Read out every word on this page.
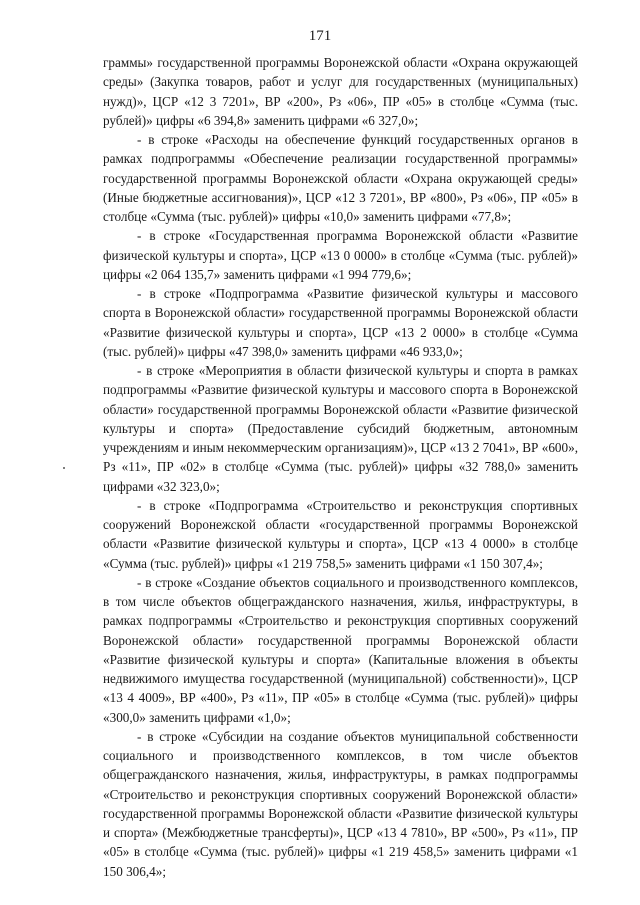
171

граммы» государственной программы Воронежской области «Охрана окружающей среды» (Закупка товаров, работ и услуг для государственных (муниципальных) нужд)», ЦСР «12 3 7201», ВР «200», Рз «06», ПР «05» в столбце «Сумма (тыс. рублей)» цифры «6 394,8» заменить цифрами «6 327,0»;

- в строке «Расходы на обеспечение функций государственных органов в рамках подпрограммы «Обеспечение реализации государственной программы» государственной программы Воронежской области «Охрана окружающей среды» (Иные бюджетные ассигнования)», ЦСР «12 3 7201», ВР «800», Рз «06», ПР «05» в столбце «Сумма (тыс. рублей)» цифры «10,0» заменить цифрами «77,8»;

- в строке «Государственная программа Воронежской области «Развитие физической культуры и спорта», ЦСР «13 0 0000» в столбце «Сумма (тыс. рублей)» цифры «2 064 135,7» заменить цифрами «1 994 779,6»;

- в строке «Подпрограмма «Развитие физической культуры и массового спорта в Воронежской области» государственной программы Воронежской области «Развитие физической культуры и спорта», ЦСР «13 2 0000» в столбце «Сумма (тыс. рублей)» цифры «47 398,0» заменить цифрами «46 933,0»;

- в строке «Мероприятия в области физической культуры и спорта в рамках подпрограммы «Развитие физической культуры и массового спорта в Воронежской области» государственной программы Воронежской области «Развитие физической культуры и спорта» (Предоставление субсидий бюджетным, автономным учреждениям и иным некоммерческим организациям)», ЦСР «13 2 7041», ВР «600», Рз «11», ПР «02» в столбце «Сумма (тыс. рублей)» цифры «32 788,0» заменить цифрами «32 323,0»;

- в строке «Подпрограмма «Строительство и реконструкция спортивных сооружений Воронежской области «государственной программы Воронежской области «Развитие физической культуры и спорта», ЦСР «13 4 0000» в столбце «Сумма (тыс. рублей)» цифры «1 219 758,5» заменить цифрами «1 150 307,4»;

- в строке «Создание объектов социального и производственного комплексов, в том числе объектов общегражданского назначения, жилья, инфраструктуры, в рамках подпрограммы «Строительство и реконструкция спортивных сооружений Воронежской области» государственной программы Воронежской области «Развитие физической культуры и спорта» (Капитальные вложения в объекты недвижимого имущества государственной (муниципальной) собственности)», ЦСР «13 4 4009», ВР «400», Рз «11», ПР «05» в столбце «Сумма (тыс. рублей)» цифры «300,0» заменить цифрами «1,0»;

- в строке «Субсидии на создание объектов муниципальной собственности социального и производственного комплексов, в том числе объектов общегражданского назначения, жилья, инфраструктуры, в рамках подпрограммы «Строительство и реконструкция спортивных сооружений Воронежской области» государственной программы Воронежской области «Развитие физической культуры и спорта» (Межбюджетные трансферты)», ЦСР «13 4 7810», ВР «500», Рз «11», ПР «05» в столбце «Сумма (тыс. рублей)» цифры «1 219 458,5» заменить цифрами «1 150 306,4»;
